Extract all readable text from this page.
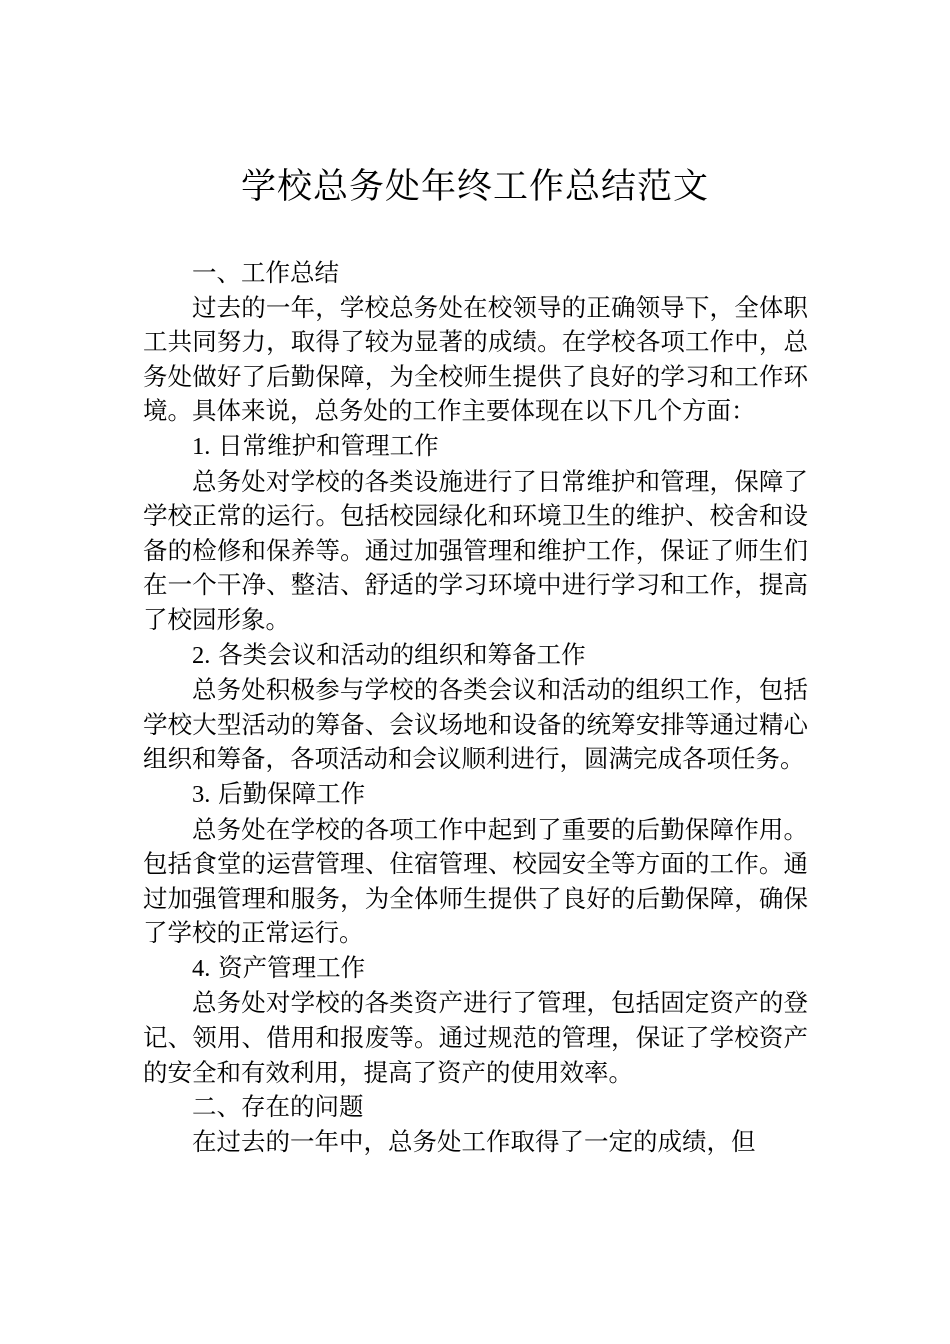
学校总务处年终工作总结范文

一、工作总结

过去的一年，学校总务处在校领导的正确领导下，全体职工共同努力，取得了较为显著的成绩。在学校各项工作中，总务处做好了后勤保障，为全校师生提供了良好的学习和工作环境。具体来说，总务处的工作主要体现在以下几个方面：

1. 日常维护和管理工作

总务处对学校的各类设施进行了日常维护和管理，保障了学校正常的运行。包括校园绿化和环境卫生的维护、校舍和设备的检修和保养等。通过加强管理和维护工作，保证了师生们在一个干净、整洁、舒适的学习环境中进行学习和工作，提高了校园形象。

2. 各类会议和活动的组织和筹备工作

总务处积极参与学校的各类会议和活动的组织工作，包括学校大型活动的筹备、会议场地和设备的统筹安排等通过精心组织和筹备，各项活动和会议顺利进行，圆满完成各项任务。

3. 后勤保障工作

总务处在学校的各项工作中起到了重要的后勤保障作用。包括食堂的运营管理、住宿管理、校园安全等方面的工作。通过加强管理和服务，为全体师生提供了良好的后勤保障，确保了学校的正常运行。

4. 资产管理工作

总务处对学校的各类资产进行了管理，包括固定资产的登记、领用、借用和报废等。通过规范的管理，保证了学校资产的安全和有效利用，提高了资产的使用效率。

二、存在的问题

在过去的一年中，总务处工作取得了一定的成绩，但
